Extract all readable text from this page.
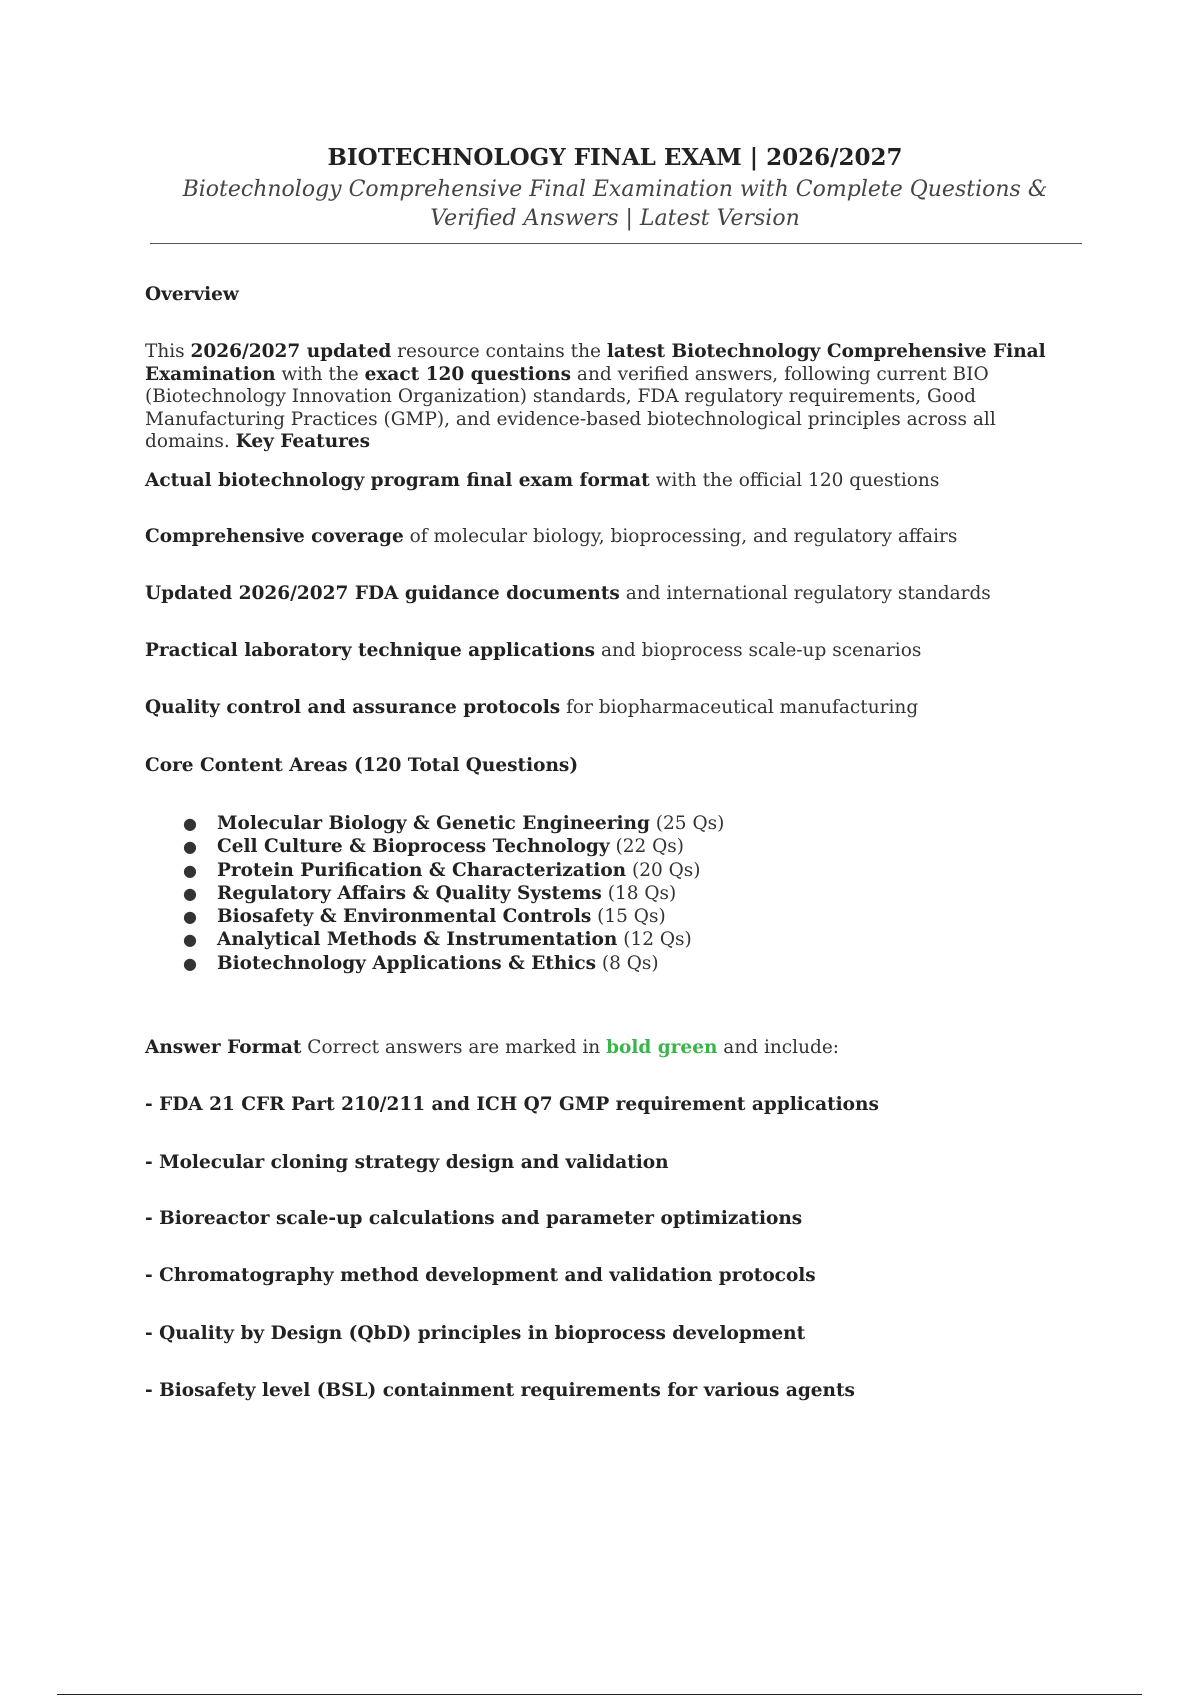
BIOTECHNOLOGY FINAL EXAM | 2026/2027
Biotechnology Comprehensive Final Examination with Complete Questions & Verified Answers | Latest Version
Overview
This 2026/2027 updated resource contains the latest Biotechnology Comprehensive Final Examination with the exact 120 questions and verified answers, following current BIO (Biotechnology Innovation Organization) standards, FDA regulatory requirements, Good Manufacturing Practices (GMP), and evidence-based biotechnological principles across all domains. Key Features
Actual biotechnology program final exam format with the official 120 questions
Comprehensive coverage of molecular biology, bioprocessing, and regulatory affairs
Updated 2026/2027 FDA guidance documents and international regulatory standards
Practical laboratory technique applications and bioprocess scale-up scenarios
Quality control and assurance protocols for biopharmaceutical manufacturing
Core Content Areas (120 Total Questions)
● Molecular Biology & Genetic Engineering (25 Qs)
● Cell Culture & Bioprocess Technology (22 Qs)
● Protein Purification & Characterization (20 Qs)
● Regulatory Affairs & Quality Systems (18 Qs)
● Biosafety & Environmental Controls (15 Qs)
● Analytical Methods & Instrumentation (12 Qs)
● Biotechnology Applications & Ethics (8 Qs)
Answer Format Correct answers are marked in bold green and include:
- FDA 21 CFR Part 210/211 and ICH Q7 GMP requirement applications
- Molecular cloning strategy design and validation
- Bioreactor scale-up calculations and parameter optimizations
- Chromatography method development and validation protocols
- Quality by Design (QbD) principles in bioprocess development
- Biosafety level (BSL) containment requirements for various agents
